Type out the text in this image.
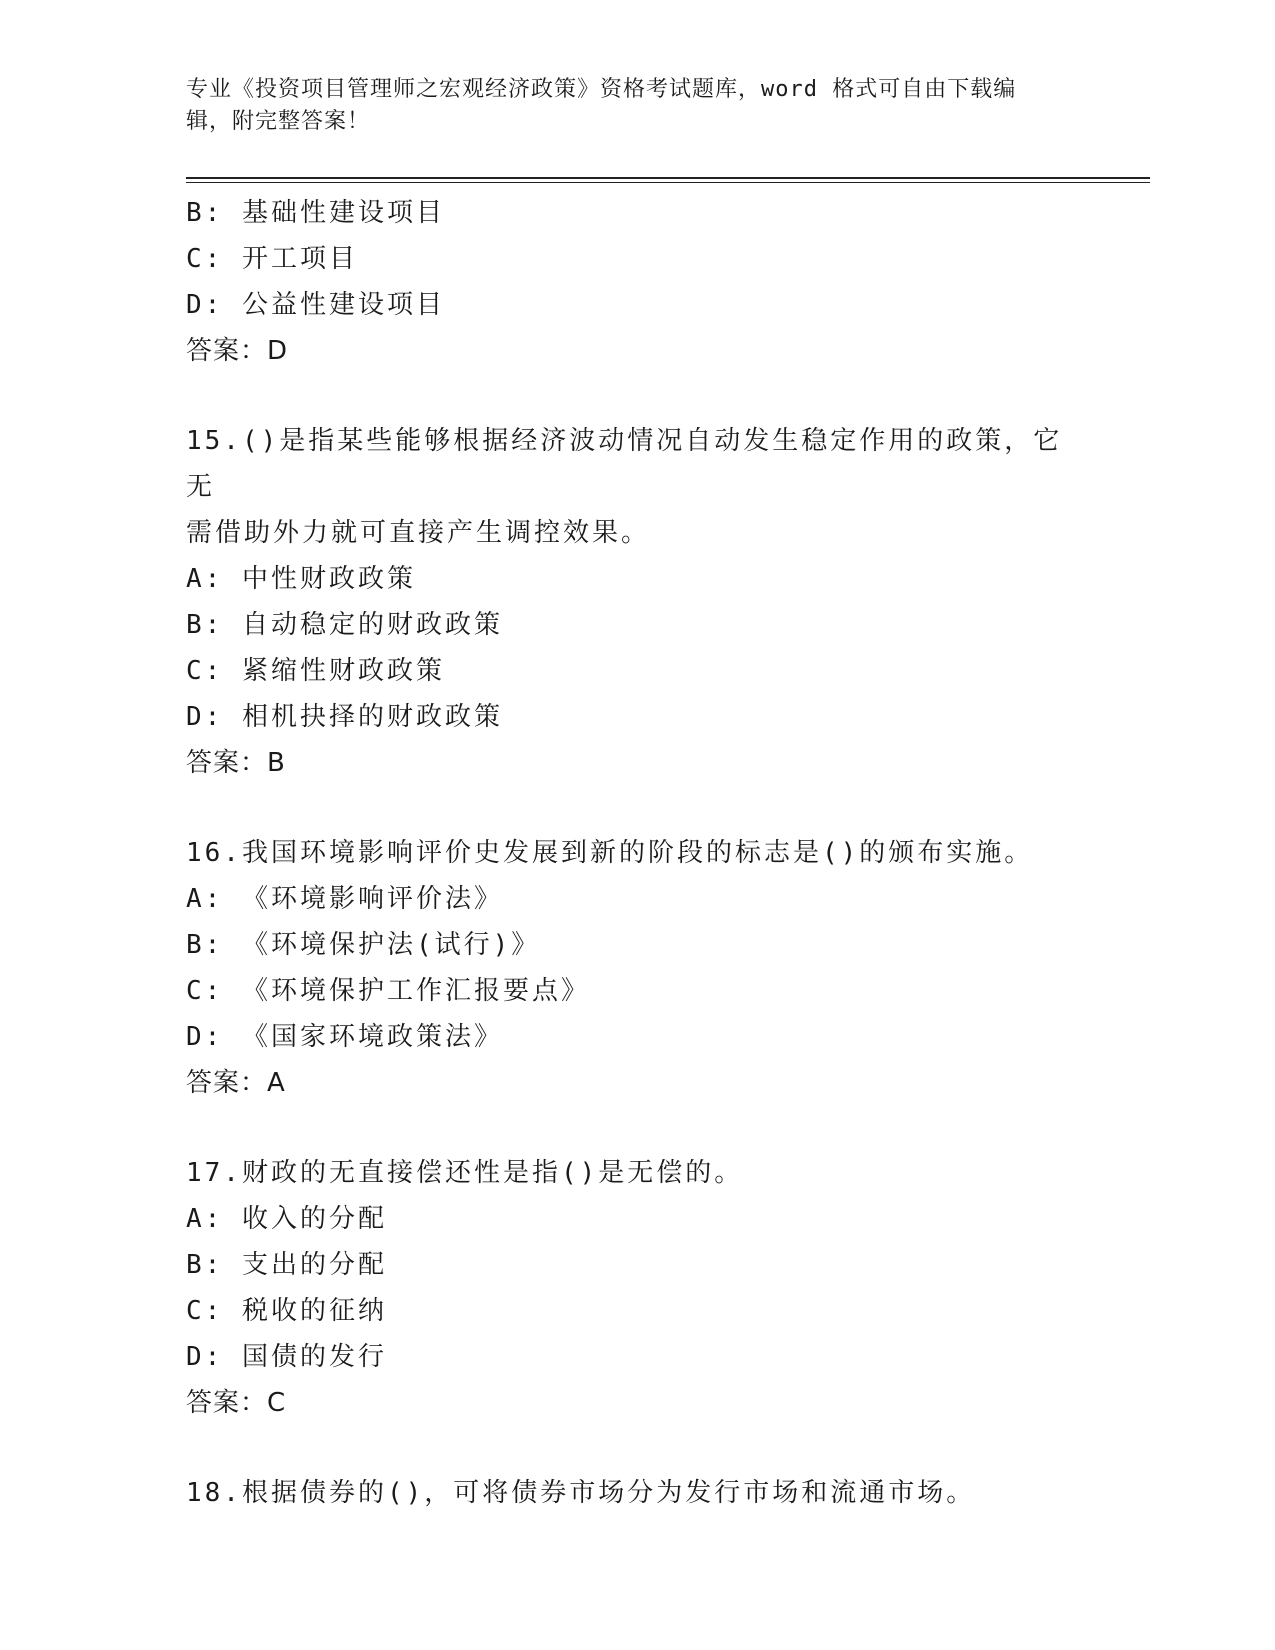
专业《投资项目管理师之宏观经济政策》资格考试题库，word 格式可自由下载编
辑，附完整答案！
B: 基础性建设项目
C: 开工项目
D: 公益性建设项目
答案：D
15.()是指某些能够根据经济波动情况自动发生稳定作用的政策，它无
需借助外力就可直接产生调控效果。
A: 中性财政政策
B: 自动稳定的财政政策
C: 紧缩性财政政策
D: 相机抉择的财政政策
答案：B
16.我国环境影响评价史发展到新的阶段的标志是()的颁布实施。
A: 《环境影响评价法》
B: 《环境保护法(试行)》
C: 《环境保护工作汇报要点》
D: 《国家环境政策法》
答案：A
17.财政的无直接偿还性是指()是无偿的。
A: 收入的分配
B: 支出的分配
C: 税收的征纳
D: 国债的发行
答案：C
18.根据债券的()，可将债券市场分为发行市场和流通市场。
